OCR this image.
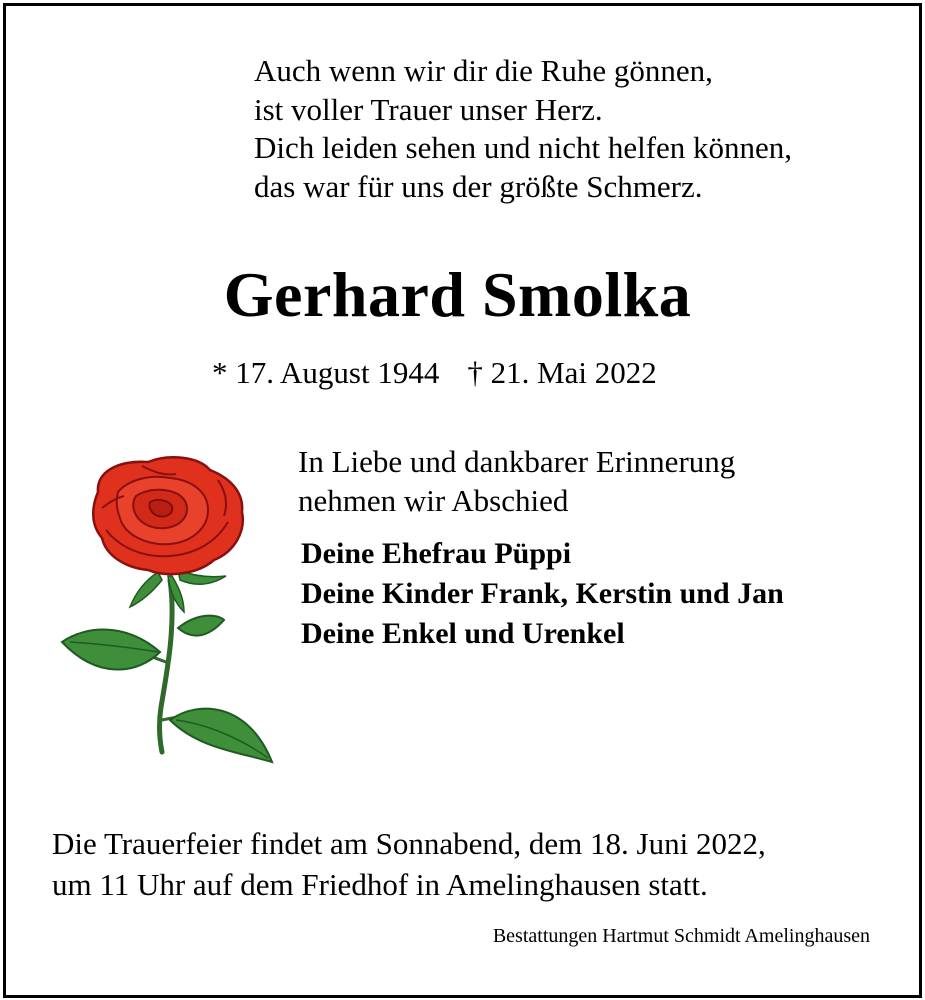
Auch wenn wir dir die Ruhe gönnen,
ist voller Trauer unser Herz.
Dich leiden sehen und nicht helfen können,
das war für uns der größte Schmerz.
Gerhard Smolka
* 17. August 1944 † 21. Mai 2022
In Liebe und dankbarer Erinnerung
nehmen wir Abschied
Deine Ehefrau Püppi
Deine Kinder Frank, Kerstin und Jan
Deine Enkel und Urenkel
Die Trauerfeier findet am Sonnabend, dem 18. Juni 2022,
um 11 Uhr auf dem Friedhof in Amelinghausen statt.
Bestattungen Hartmut Schmidt Amelinghausen
